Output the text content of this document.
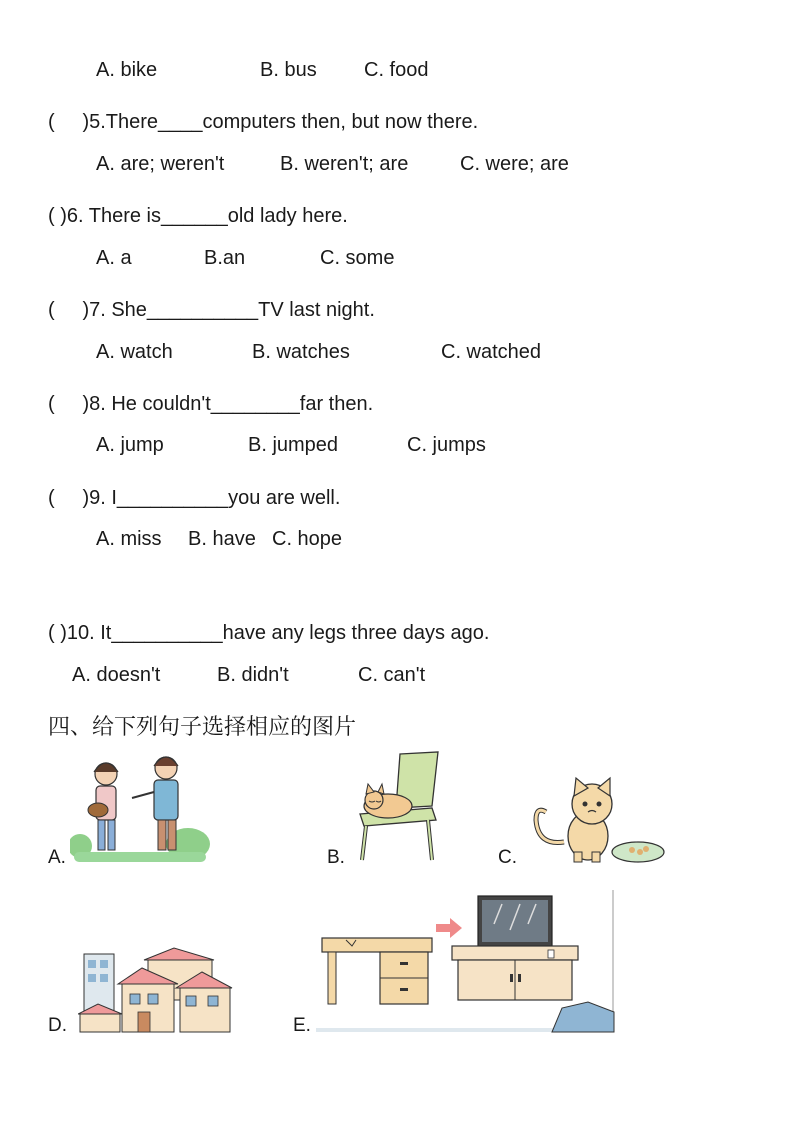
A. bike	B. bus C. food
(     )5.There____computers then, but now there.
A. are; weren't	B. weren't; are	C. were; are
( )6. There is______old lady here.
A. a	B.an	C. some
(     )7. She__________TV last night.
A. watch	B. watches	C. watched
(     )8. He couldn't________far then.
A. jump	B. jumped	C. jumps
(     )9. I__________you are well.
A. miss B. have C. hope
( )10. It__________have any legs three days ago.
A. doesn't	B. didn't	C. can't
四、给下列句子选择相应的图片
A.	B.	C.
D.	E.
